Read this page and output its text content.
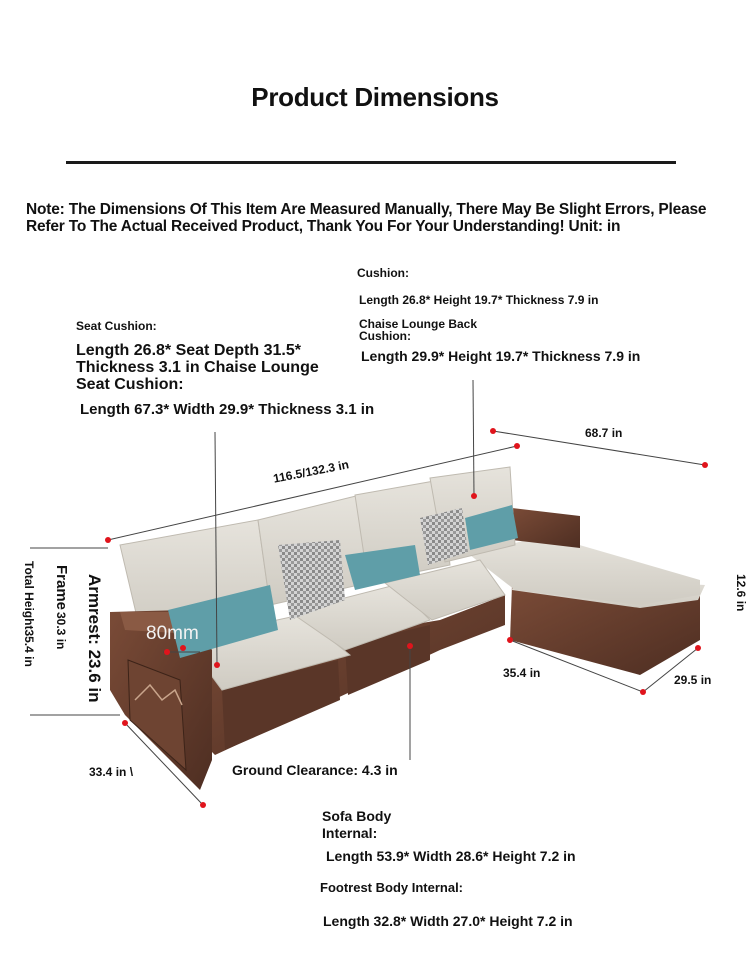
Product Dimensions
Note: The Dimensions Of This Item Are Measured Manually, There May Be Slight Errors, Please Refer To The Actual Received Product, Thank You For Your Understanding! Unit: in
Cushion:
Length 26.8* Height 19.7* Thickness 7.9 in
Chaise Lounge Back
Cushion:
Length 29.9* Height 19.7* Thickness 7.9 in
Seat Cushion:
Length 26.8* Seat Depth 31.5*
Thickness 3.1 in Chaise Lounge
Seat Cushion:
Length 67.3* Width 29.9* Thickness 3.1 in
116.5/132.3 in
68.7 in
12.6 in
35.4 in	29.5 in
33.4 in \
Total Height35.4 in Frame
30.3 in Armrest: 23.6 in 80mm
Ground Clearance: 4.3 in
Sofa Body
Internal:
Length 53.9* Width 28.6* Height 7.2 in
Footrest Body Internal:
Length 32.8* Width 27.0* Height 7.2 in
